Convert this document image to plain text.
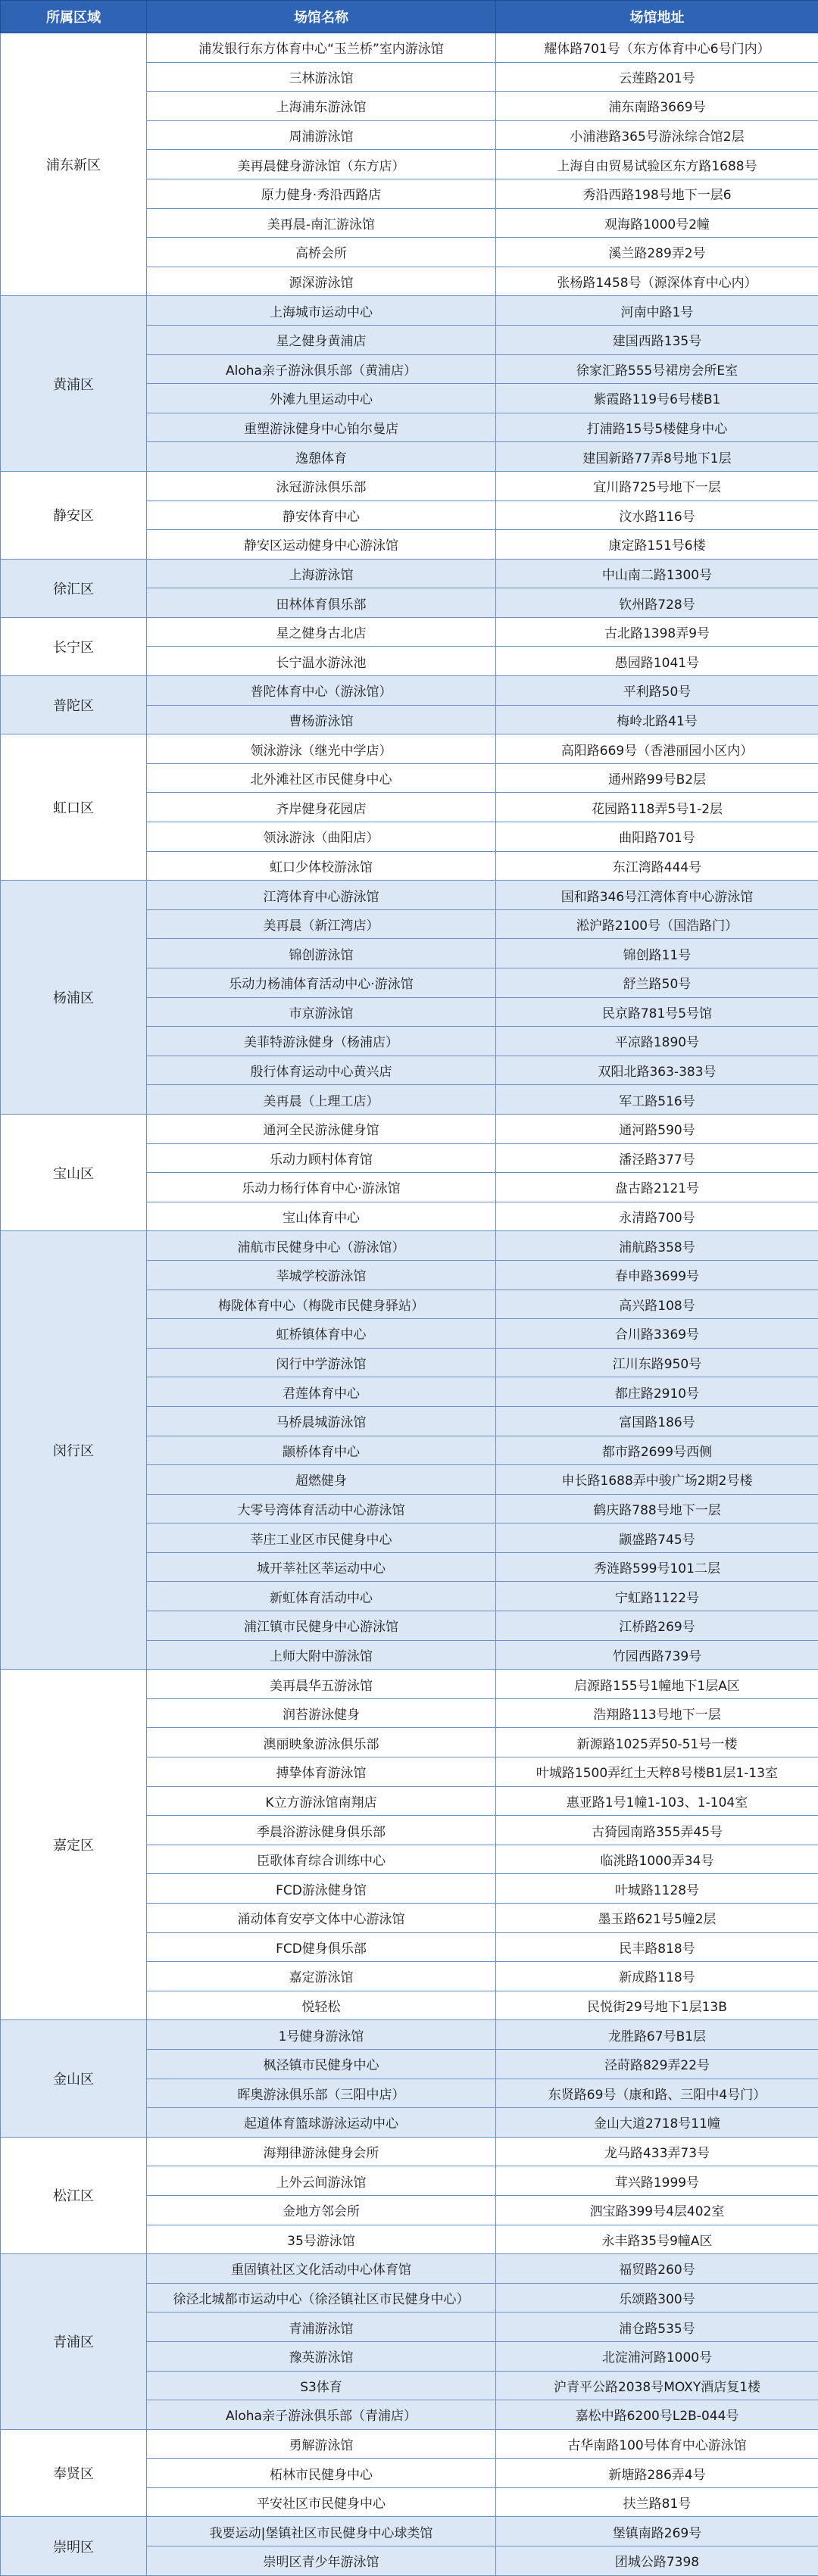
所属区域	场馆名称	场馆地址
浦东新区	浦发银行东方体育中心“玉兰桥”室内游泳馆	耀体路701号（东方体育中心6号门内）
	三林游泳馆	云莲路201号
	上海浦东游泳馆	浦东南路3669号
	周浦游泳馆	小浦港路365号游泳综合馆2层
	美再晨健身游泳馆（东方店）	上海自由贸易试验区东方路1688号
	原力健身·秀沿西路店	秀沿西路198号地下一层6
	美再晨-南汇游泳馆	观海路1000号2幢
	高桥会所	溪兰路289弄2号
	源深游泳馆	张杨路1458号（源深体育中心内）
黄浦区	上海城市运动中心	河南中路1号
	星之健身黄浦店	建国西路135号
	Aloha亲子游泳俱乐部（黄浦店）	徐家汇路555号裙房会所E室
	外滩九里运动中心	紫霞路119号6号楼B1
	重塑游泳健身中心铂尔曼店	打浦路15号5楼健身中心
	逸憩体育	建国新路77弄8号地下1层
静安区	泳冠游泳俱乐部	宜川路725号地下一层
	静安体育中心	汶水路116号
	静安区运动健身中心游泳馆	康定路151号6楼
徐汇区	上海游泳馆	中山南二路1300号
	田林体育俱乐部	钦州路728号
长宁区	星之健身古北店	古北路1398弄9号
	长宁温水游泳池	愚园路1041号
普陀区	普陀体育中心（游泳馆）	平利路50号
	曹杨游泳馆	梅岭北路41号
虹口区	领泳游泳（继光中学店）	高阳路669号（香港丽园小区内）
	北外滩社区市民健身中心	通州路99号B2层
	齐岸健身花园店	花园路118弄5号1-2层
	领泳游泳（曲阳店）	曲阳路701号
	虹口少体校游泳馆	东江湾路444号
杨浦区	江湾体育中心游泳馆	国和路346号江湾体育中心游泳馆
	美再晨（新江湾店）	淞沪路2100号（国浩路门）
	锦创游泳馆	锦创路11号
	乐动力杨浦体育活动中心·游泳馆	舒兰路50号
	市京游泳馆	民京路781号5号馆
	美菲特游泳健身（杨浦店）	平凉路1890号
	殷行体育运动中心黄兴店	双阳北路363-383号
	美再晨（上理工店）	军工路516号
宝山区	通河全民游泳健身馆	通河路590号
	乐动力顾村体育馆	潘泾路377号
	乐动力杨行体育中心·游泳馆	盘古路2121号
	宝山体育中心	永清路700号
闵行区	浦航市民健身中心（游泳馆）	浦航路358号
	莘城学校游泳馆	春申路3699号
	梅陇体育中心（梅陇市民健身驿站）	高兴路108号
	虹桥镇体育中心	合川路3369号
	闵行中学游泳馆	江川东路950号
	君莲体育中心	都庄路2910号
	马桥晨城游泳馆	富国路186号
	颛桥体育中心	都市路2699号西侧
	超燃健身	申长路1688弄中骏广场2期2号楼
	大零号湾体育活动中心游泳馆	鹤庆路788号地下一层
	莘庄工业区市民健身中心	颛盛路745号
	城开莘社区莘运动中心	秀涟路599号101二层
	新虹体育活动中心	宁虹路1122号
	浦江镇市民健身中心游泳馆	江桥路269号
	上师大附中游泳馆	竹园西路739号
嘉定区	美再晨华五游泳馆	启源路155号1幢地下1层A区
	润苔游泳健身	浩翔路113号地下一层
	澳丽映象游泳俱乐部	新源路1025弄50-51号一楼
	搏挚体育游泳馆	叶城路1500弄红土天粹8号楼B1层1-13室
	K立方游泳馆南翔店	惠亚路1号1幢1-103、1-104室
	季晨浴游泳健身俱乐部	古猗园南路355弄45号
	臣歌体育综合训练中心	临洮路1000弄34号
	FCD游泳健身馆	叶城路1128号
	涌动体育安亭文体中心游泳馆	墨玉路621号5幢2层
	FCD健身俱乐部	民丰路818号
	嘉定游泳馆	新成路118号
	悦轻松	民悦街29号地下1层13B
金山区	1号健身游泳馆	龙胜路67号B1层
	枫泾镇市民健身中心	泾莳路829弄22号
	晖奥游泳俱乐部（三阳中店）	东贤路69号（康和路、三阳中4号门）
	起道体育篮球游泳运动中心	金山大道2718号11幢
松江区	海翔律游泳健身会所	龙马路433弄73号
	上外云间游泳馆	茸兴路1999号
	金地方邻会所	泗宝路399号4层402室
	35号游泳馆	永丰路35号9幢A区
青浦区	重固镇社区文化活动中心体育馆	福贸路260号
	徐泾北城都市运动中心（徐泾镇社区市民健身中心）	乐颂路300号
	青浦游泳馆	浦仓路535号
	豫英游泳馆	北淀浦河路1000号
	S3体育	沪青平公路2038号MOXY酒店复1楼
	Aloha亲子游泳俱乐部（青浦店）	嘉松中路6200号L2B-044号
奉贤区	勇解游泳馆	古华南路100号体育中心游泳馆
	柘林市民健身中心	新塘路286弄4号
	平安社区市民健身中心	扶兰路81号
崇明区	我要运动|堡镇社区市民健身中心球类馆	堡镇南路269号
	崇明区青少年游泳馆	团城公路7398
